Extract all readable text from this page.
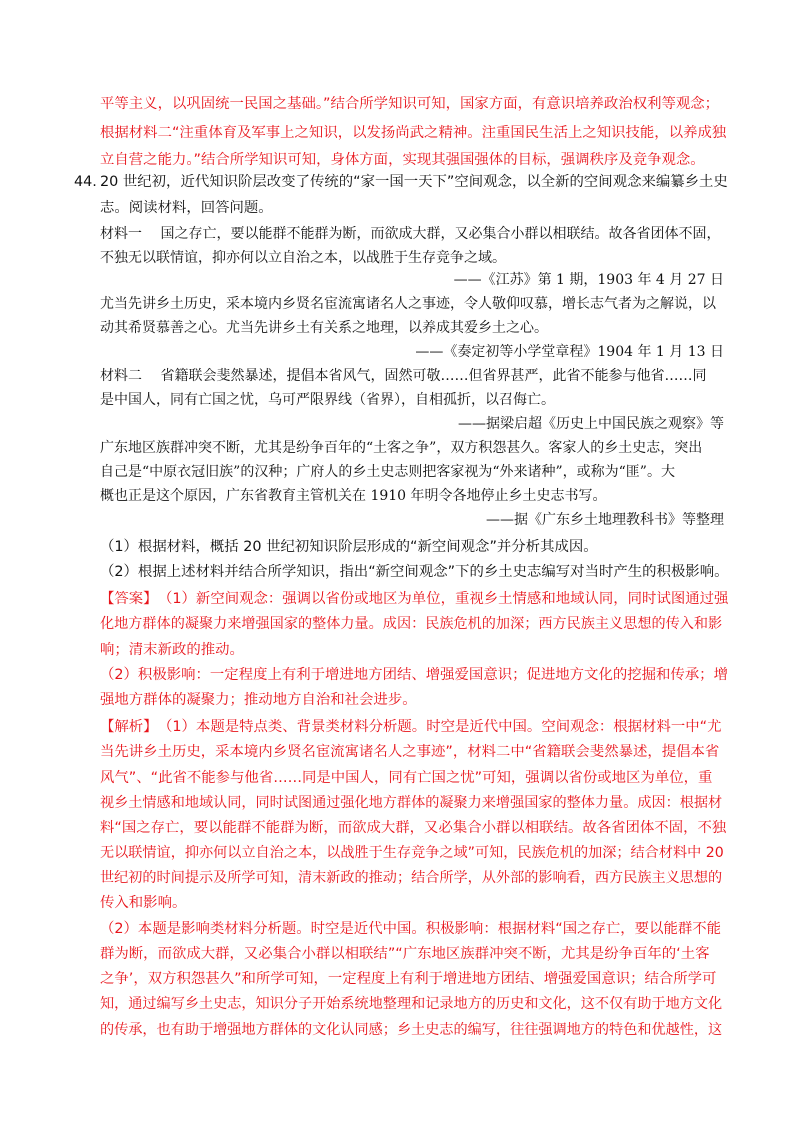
平等主义，以巩固统一民国之基础。”结合所学知识可知，国家方面，有意识培养政治权利等观念；
根据材料二“注重体育及军事上之知识，以发扬尚武之精神。注重国民生活上之知识技能，以养成独
立自营之能力。”结合所学知识可知，身体方面，实现其强国强体的目标，强调秩序及竞争观念。
44. 20 世纪初，近代知识阶层改变了传统的“家一国一天下”空间观念，以全新的空间观念来编纂乡土史
志。阅读材料，回答问题。
材料一　 国之存亡，要以能群不能群为断，而欲成大群，又必集合小群以相联结。故各省团体不固，
不独无以联情谊，抑亦何以立自治之本，以战胜于生存竞争之域。
——《江苏》第 1 期，1903 年 4 月 27 日
尤当先讲乡土历史，采本境内乡贤名宦流寓诸名人之事迹，令人敬仰叹慕，增长志气者为之解说，以
动其希贤慕善之心。尤当先讲乡土有关系之地理，以养成其爱乡土之心。
——《奏定初等小学堂章程》1904 年 1 月 13 日
材料二　 省籍联会斐然暴述，提倡本省风气，固然可敬……但省界甚严，此省不能参与他省……同
是中国人，同有亡国之忧，乌可严限界线（省界），自相孤折，以召侮亡。
——据梁启超《历史上中国民族之观察》等
广东地区族群冲突不断，尤其是纷争百年的“土客之争”，双方积怨甚久。客家人的乡土史志，突出
自己是“中原衣冠旧族”的汉种；广府人的乡土史志则把客家视为“外来诸种”，或称为“匪”。大
概也正是这个原因，广东省教育主管机关在 1910 年明令各地停止乡土史志书写。
——据《广东乡土地理教科书》等整理
（1）根据材料，概括 20 世纪初知识阶层形成的“新空间观念”并分析其成因。
（2）根据上述材料并结合所学知识，指出“新空间观念”下的乡土史志编写对当时产生的积极影响。
【答案】 （1）新空间观念：强调以省份或地区为单位，重视乡土情感和地域认同，同时试图通过强
化地方群体的凝聚力来增强国家的整体力量。成因：民族危机的加深；西方民族主义思想的传入和影
响；清末新政的推动。
（2）积极影响：一定程度上有利于增进地方团结、增强爱国意识；促进地方文化的挖掘和传承；增
强地方群体的凝聚力；推动地方自治和社会进步。
【解析】 （1）本题是特点类、背景类材料分析题。时空是近代中国。空间观念：根据材料一中“尤
当先讲乡土历史，采本境内乡贤名宦流寓诸名人之事迹”，材料二中“省籍联会斐然暴述，提倡本省
风气”、“此省不能参与他省……同是中国人，同有亡国之忧”可知，强调以省份或地区为单位，重
视乡土情感和地域认同，同时试图通过强化地方群体的凝聚力来增强国家的整体力量。成因：根据材
料“国之存亡，要以能群不能群为断，而欲成大群，又必集合小群以相联结。故各省团体不固，不独
无以联情谊，抑亦何以立自治之本，以战胜于生存竞争之域”可知，民族危机的加深；结合材料中 20
世纪初的时间提示及所学可知，清末新政的推动；结合所学，从外部的影响看，西方民族主义思想的
传入和影响。
（2）本题是影响类材料分析题。时空是近代中国。积极影响：根据材料“国之存亡，要以能群不能
群为断，而欲成大群，又必集合小群以相联结”“广东地区族群冲突不断，尤其是纷争百年的‘土客
之争’，双方积怨甚久”和所学可知，一定程度上有利于增进地方团结、增强爱国意识；结合所学可
知，通过编写乡土史志，知识分子开始系统地整理和记录地方的历史和文化，这不仅有助于地方文化
的传承，也有助于增强地方群体的文化认同感；乡土史志的编写，往往强调地方的特色和优越性，这
